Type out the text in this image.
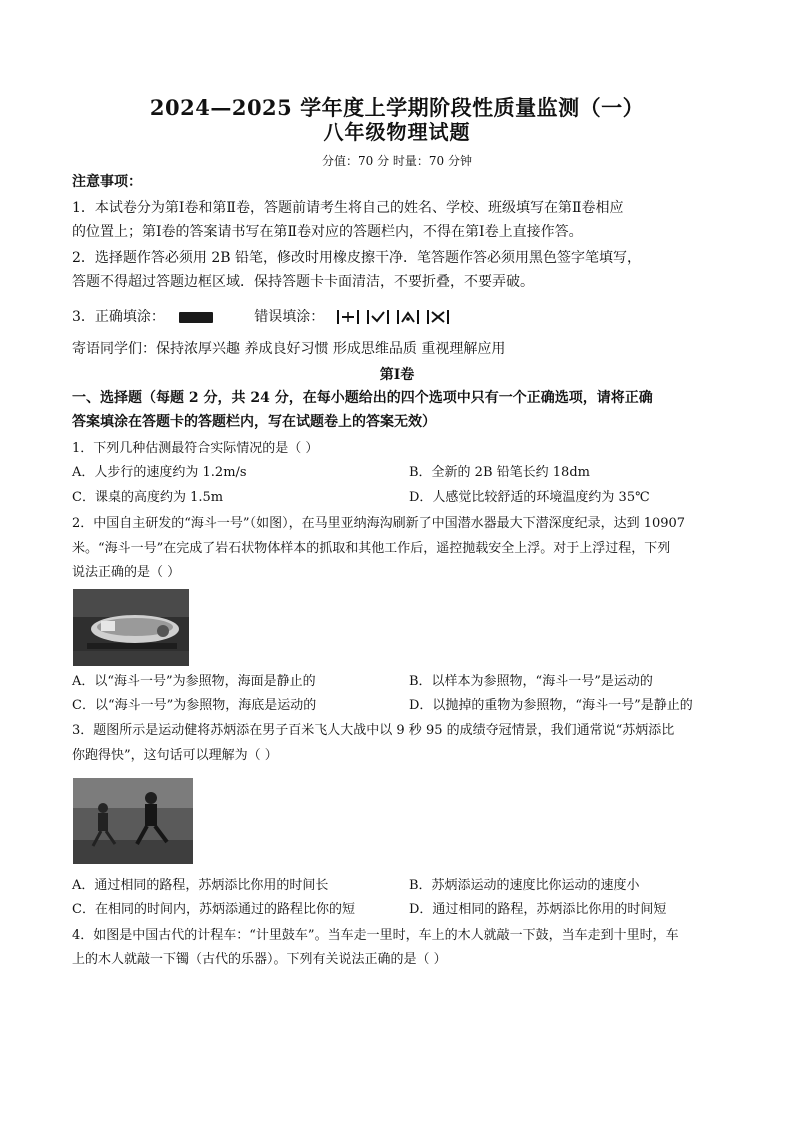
2024—2025 学年度上学期阶段性质量监测（一）
八年级物理试题
分值：70 分 时量：70 分钟
注意事项：
1．本试卷分为第Ⅰ卷和第Ⅱ卷，答题前请考生将自己的姓名、学校、班级填写在第Ⅱ卷相应
的位置上；第Ⅰ卷的答案请书写在第Ⅱ卷对应的答题栏内，不得在第Ⅰ卷上直接作答。
2．选择题作答必须用 2B 铅笔，修改时用橡皮擦干净．笔答题作答必须用黑色签字笔填写，
答题不得超过答题边框区域．保持答题卡卡面清洁，不要折叠，不要弄破。
3．正确填涂：	错误填涂：
寄语同学们：保持浓厚兴趣 养成良好习惯 形成思维品质 重视理解应用
第Ⅰ卷
一、选择题（每题 2 分，共 24 分，在每小题给出的四个选项中只有一个正确选项，请将正确
答案填涂在答题卡的答题栏内，写在试题卷上的答案无效）
1．下列几种估测最符合实际情况的是（ ）
A．人步行的速度约为 1.2m/s	B．全新的 2B 铅笔长约 18dm
C．课桌的高度约为 1.5m	D．人感觉比较舒适的环境温度约为 35℃
2．中国自主研发的“海斗一号”（如图），在马里亚纳海沟刷新了中国潜水器最大下潜深度纪录，达到 10907
米。“海斗一号”在完成了岩石状物体样本的抓取和其他工作后，遥控抛载安全上浮。对于上浮过程，下列
说法正确的是（ ）
A．以“海斗一号”为参照物，海面是静止的	B．以样本为参照物，“海斗一号”是运动的
C．以“海斗一号”为参照物，海底是运动的	D．以抛掉的重物为参照物，“海斗一号”是静止的
3．题图所示是运动健将苏炳添在男子百米飞人大战中以 9 秒 95 的成绩夺冠情景，我们通常说“苏炳添比
你跑得快”，这句话可以理解为（ ）
A．通过相同的路程，苏炳添比你用的时间长	B．苏炳添运动的速度比你运动的速度小
C．在相同的时间内，苏炳添通过的路程比你的短	D．通过相同的路程，苏炳添比你用的时间短
4．如图是中国古代的计程车：“计里鼓车”。当车走一里时，车上的木人就敲一下鼓，当车走到十里时，车
上的木人就敲一下镯（古代的乐器）。下列有关说法正确的是（ ）
